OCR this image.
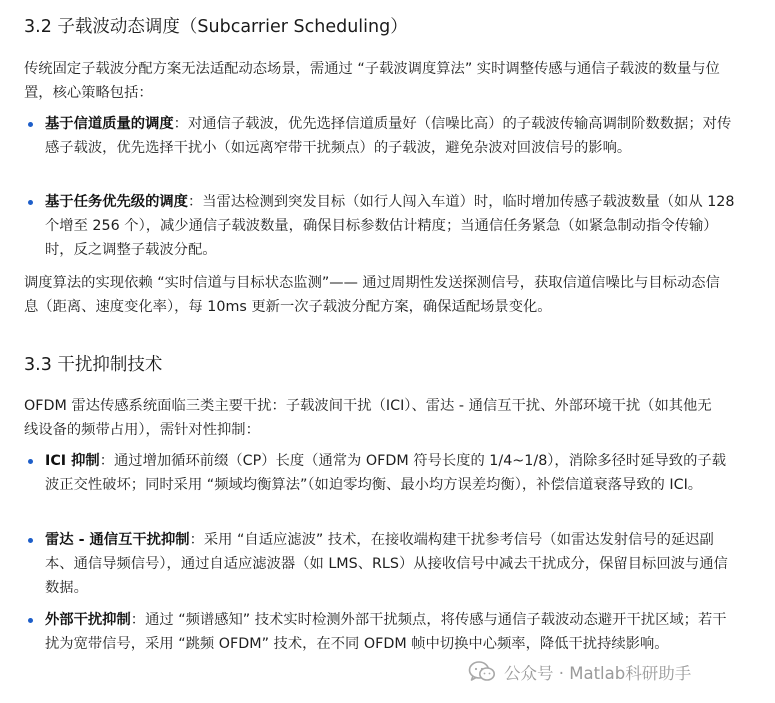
3.2 子载波动态调度（Subcarrier Scheduling）

传统固定子载波分配方案无法适配动态场景，需通过 “子载波调度算法” 实时调整传感与通信子载波的数量与位置，核心策略包括：

基于信道质量的调度：对通信子载波，优先选择信道质量好（信噪比高）的子载波传输高调制阶数数据；对传感子载波，优先选择干扰小（如远离窄带干扰频点）的子载波，避免杂波对回波信号的影响。

基于任务优先级的调度：当雷达检测到突发目标（如行人闯入车道）时，临时增加传感子载波数量（如从 128 个增至 256 个），减少通信子载波数量，确保目标参数估计精度；当通信任务紧急（如紧急制动指令传输）时，反之调整子载波分配。

调度算法的实现依赖 “实时信道与目标状态监测”—— 通过周期性发送探测信号，获取信道信噪比与目标动态信息（距离、速度变化率），每 10ms 更新一次子载波分配方案，确保适配场景变化。

3.3 干扰抑制技术

OFDM 雷达传感系统面临三类主要干扰：子载波间干扰（ICI）、雷达 - 通信互干扰、外部环境干扰（如其他无线设备的频带占用），需针对性抑制：

ICI 抑制：通过增加循环前缀（CP）长度（通常为 OFDM 符号长度的 1/4~1/8），消除多径时延导致的子载波正交性破坏；同时采用 “频域均衡算法”（如迫零均衡、最小均方误差均衡），补偿信道衰落导致的 ICI。

雷达 - 通信互干扰抑制：采用 “自适应滤波” 技术，在接收端构建干扰参考信号（如雷达发射信号的延迟副本、通信导频信号），通过自适应滤波器（如 LMS、RLS）从接收信号中减去干扰成分，保留目标回波与通信数据。

外部干扰抑制：通过 “频谱感知” 技术实时检测外部干扰频点，将传感与通信子载波动态避开干扰区域；若干扰为宽带信号，采用 “跳频 OFDM” 技术，在不同 OFDM 帧中切换中心频率，降低干扰持续影响。

公众号 · Matlab科研助手
